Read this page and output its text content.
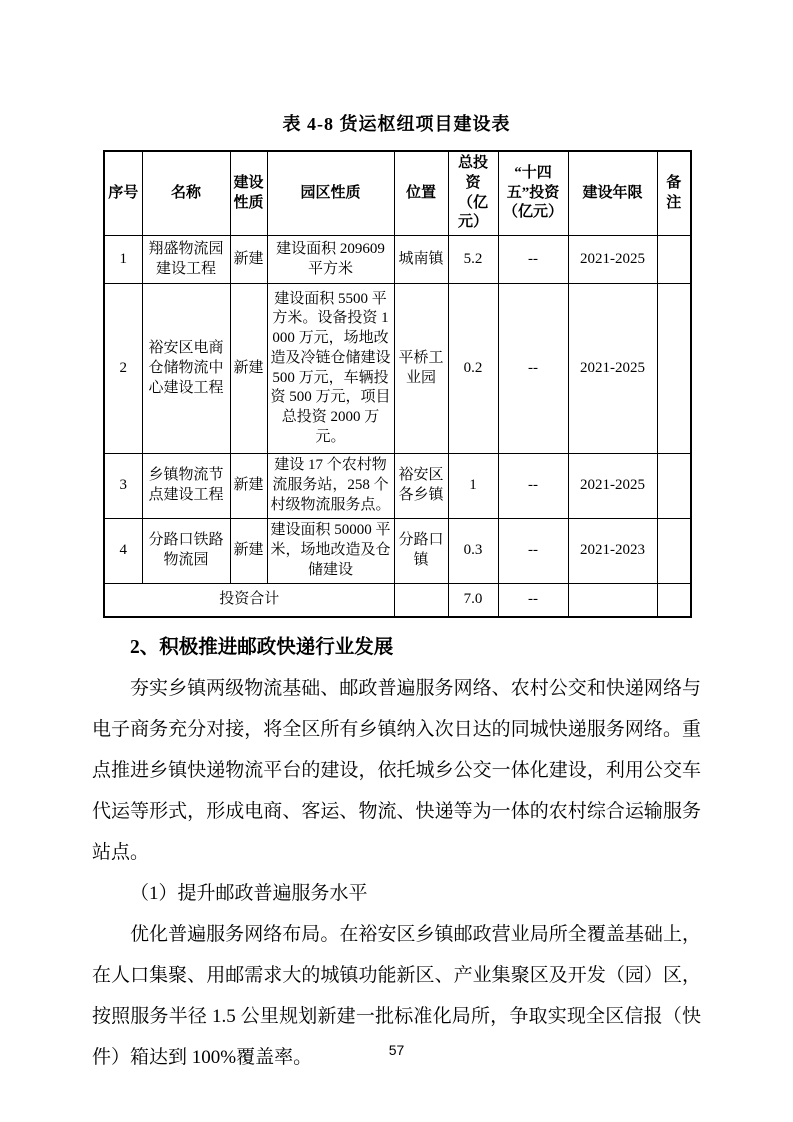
表 4-8 货运枢纽项目建设表
序号	名称	建设性质	园区性质	位置	总投资（亿元）	“十四五”投资（亿元）	建设年限	备注
1	翔盛物流园建设工程	新建	建设面积 209609 平方米	城南镇	5.2	--	2021-2025	
2	裕安区电商仓储物流中心建设工程	新建	建设面积 5500 平方米。设备投资 1000 万元，场地改造及冷链仓储建设 500 万元，车辆投资 500 万元，项目总投资 2000 万元。	平桥工业园	0.2	--	2021-2025	
3	乡镇物流节点建设工程	新建	建设 17 个农村物流服务站，258 个村级物流服务点。	裕安区各乡镇	1	--	2021-2025	
4	分路口铁路物流园	新建	建设面积 50000 平米，场地改造及仓储建设	分路口镇	0.3	--	2021-2023	
投资合计					7.0	--		
2、积极推进邮政快递行业发展

夯实乡镇两级物流基础、邮政普遍服务网络、农村公交和快递网络与电子商务充分对接，将全区所有乡镇纳入次日达的同城快递服务网络。重点推进乡镇快递物流平台的建设，依托城乡公交一体化建设，利用公交车代运等形式，形成电商、客运、物流、快递等为一体的农村综合运输服务站点。

（1）提升邮政普遍服务水平

优化普遍服务网络布局。在裕安区乡镇邮政营业局所全覆盖基础上，在人口集聚、用邮需求大的城镇功能新区、产业集聚区及开发（园）区，按照服务半径 1.5 公里规划新建一批标准化局所，争取实现全区信报（快件）箱达到 100%覆盖率。	57
